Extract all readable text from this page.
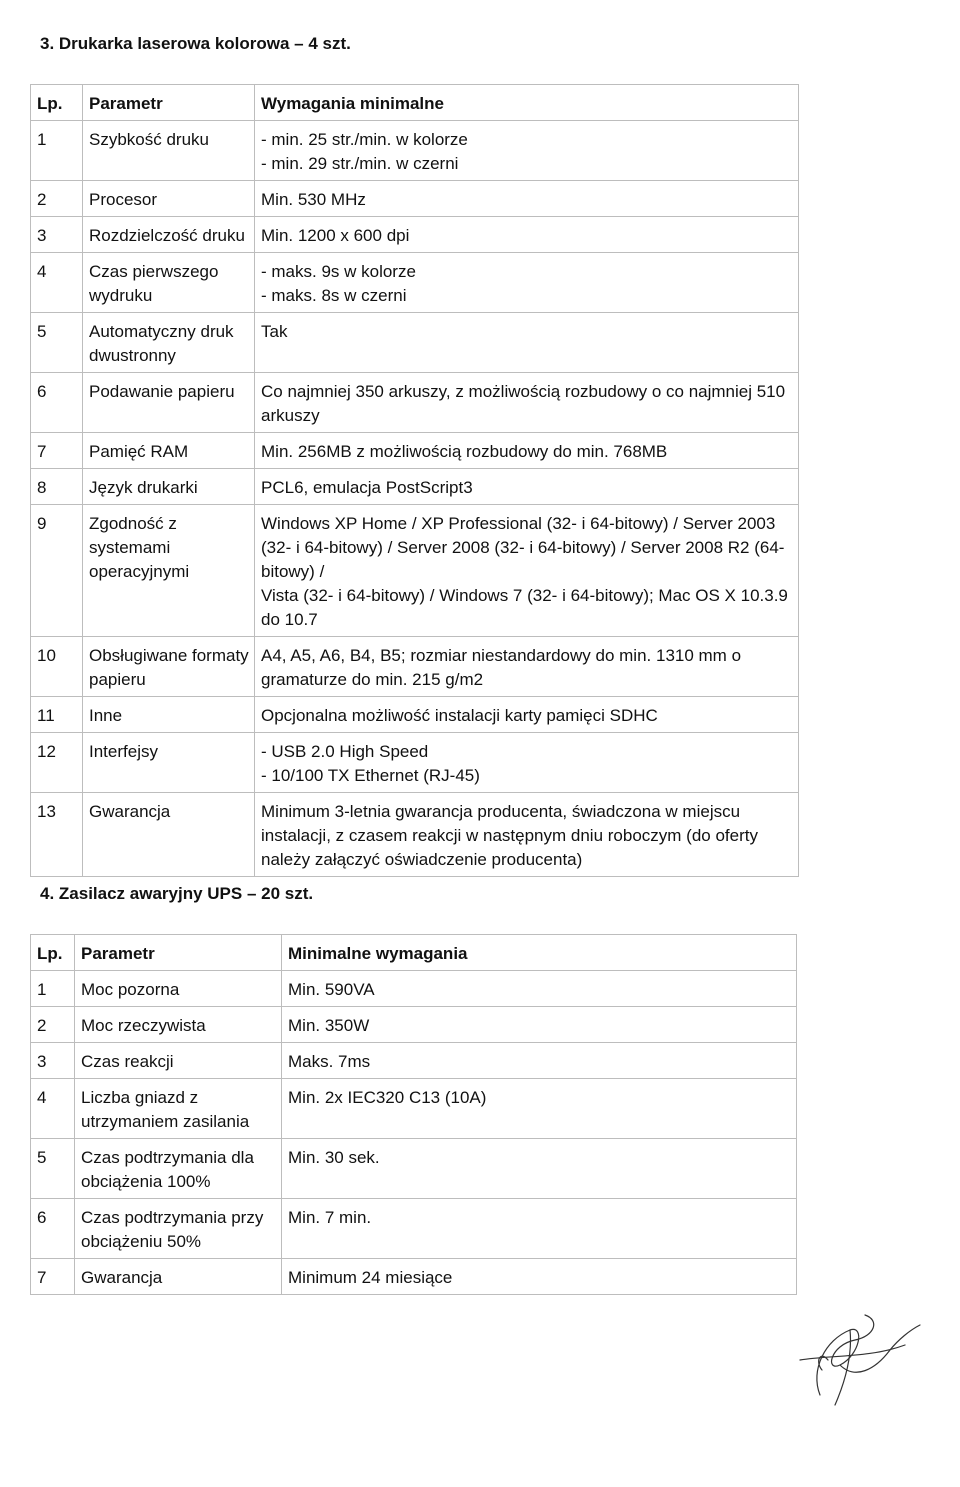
3. Drukarka laserowa kolorowa – 4 szt.
Lp.	Parametr	Wymagania minimalne
1	Szybkość druku	- min. 25 str./min. w kolorze
- min. 29 str./min. w czerni

2	Procesor	Min. 530 MHz

3	Rozdzielczość druku	Min. 1200 x 600 dpi

4	Czas pierwszego wydruku	- maks. 9s w kolorze
- maks. 8s w czerni

5	Automatyczny druk dwustronny	Tak

6	Podawanie papieru	Co najmniej 350 arkuszy, z możliwością rozbudowy o co najmniej 510 arkuszy

7	Pamięć RAM	Min. 256MB z możliwością rozbudowy do min. 768MB

8	Język drukarki	PCL6, emulacja PostScript3

9	Zgodność z systemami operacyjnymi	Windows XP Home / XP Professional (32- i 64-bitowy) / Server 2003 (32- i 64-bitowy) / Server 2008 (32- i 64-bitowy) / Server 2008 R2 (64-bitowy) /
Vista (32- i 64-bitowy) / Windows 7 (32- i 64-bitowy); Mac OS X 10.3.9 do 10.7

10	Obsługiwane formaty papieru	A4, A5, A6, B4, B5; rozmiar niestandardowy do min. 1310 mm o gramaturze do min. 215 g/m2

11	Inne	Opcjonalna możliwość instalacji karty pamięci SDHC

12	Interfejsy	- USB 2.0 High Speed
- 10/100 TX Ethernet (RJ-45)

13	Gwarancja	Minimum 3-letnia gwarancja producenta, świadczona w miejscu instalacji, z czasem reakcji w następnym dniu roboczym (do oferty należy załączyć oświadczenie producenta)
4. Zasilacz awaryjny UPS – 20 szt.
Lp.	Parametr	Minimalne wymagania
1	Moc pozorna	Min. 590VA

2	Moc rzeczywista	Min. 350W

3	Czas reakcji	Maks. 7ms

4	Liczba gniazd z utrzymaniem zasilania	Min. 2x IEC320 C13 (10A)

5	Czas podtrzymania dla obciążenia 100%	Min. 30 sek.

6	Czas podtrzymania przy obciążeniu 50%	Min. 7 min.

7	Gwarancja	Minimum 24 miesiące
